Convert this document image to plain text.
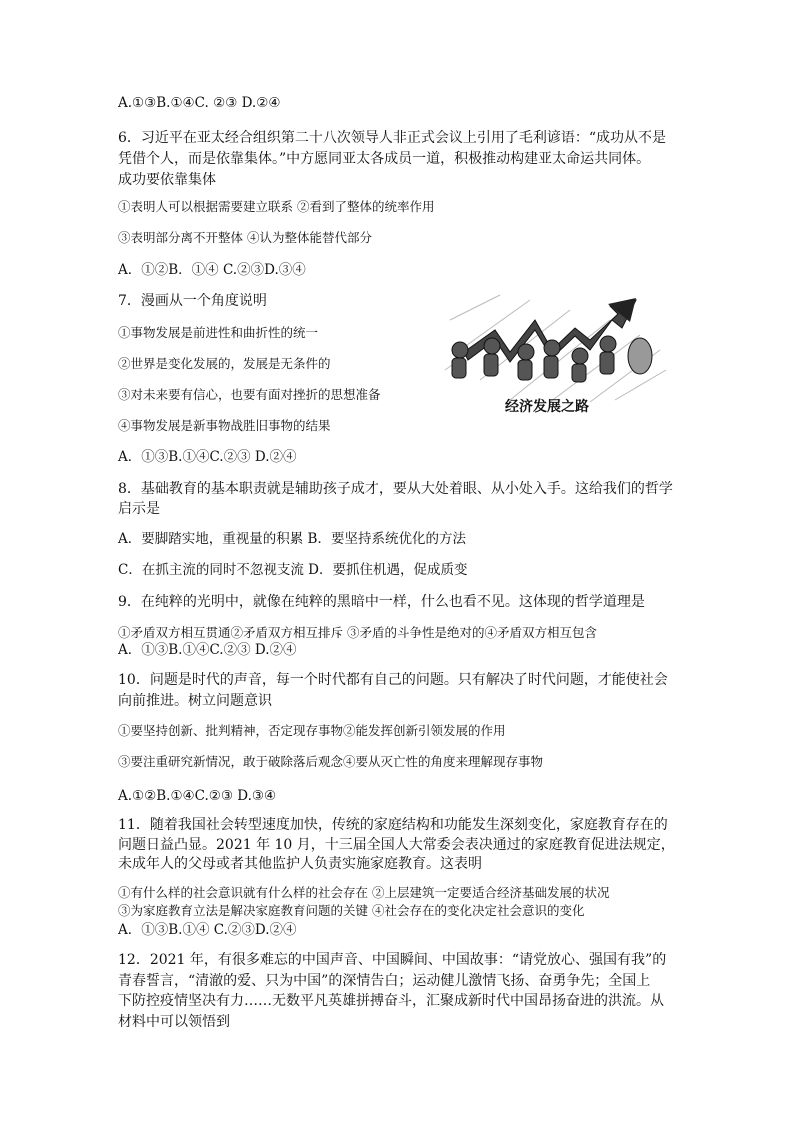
A.①③B.①④C. ②③ D.②④
6．习近平在亚太经合组织第二十八次领导人非正式会议上引用了毛利谚语：“成功从不是
凭借个人，而是依靠集体。”中方愿同亚太各成员一道，积极推动构建亚太命运共同体。
成功要依靠集体
①表明人可以根据需要建立联系 ②看到了整体的统率作用
③表明部分离不开整体 ④认为整体能替代部分
A．①②B．①④ C.②③D.③④
7．漫画从一个角度说明
①事物发展是前进性和曲折性的统一
②世界是变化发展的，发展是无条件的
③对未来要有信心，也要有面对挫折的思想准备
④事物发展是新事物战胜旧事物的结果
A．①③B.①④C.②③ D.②④
经济发展之路
8．基础教育的基本职责就是辅助孩子成才，要从大处着眼、从小处入手。这给我们的哲学
启示是
A．要脚踏实地，重视量的积累 B．要坚持系统优化的方法
C．在抓主流的同时不忽视支流 D．要抓住机遇，促成质变
9．在纯粹的光明中，就像在纯粹的黑暗中一样，什么也看不见。这体现的哲学道理是
①矛盾双方相互贯通②矛盾双方相互排斥 ③矛盾的斗争性是绝对的④矛盾双方相互包含
A．①③B.①④C.②③ D.②④
10．问题是时代的声音，每一个时代都有自己的问题。只有解决了时代问题，才能使社会
向前推进。树立问题意识
①要坚持创新、批判精神，否定现存事物②能发挥创新引领发展的作用
③要注重研究新情况，敢于破除落后观念④要从灭亡性的角度来理解现存事物
A.①②B.①④C.②③ D.③④
11．随着我国社会转型速度加快，传统的家庭结构和功能发生深刻变化，家庭教育存在的
问题日益凸显。2021 年 10 月，十三届全国人大常委会表决通过的家庭教育促进法规定，
未成年人的父母或者其他监护人负责实施家庭教育。这表明
①有什么样的社会意识就有什么样的社会存在 ②上层建筑一定要适合经济基础发展的状况
③为家庭教育立法是解决家庭教育问题的关键 ④社会存在的变化决定社会意识的变化
A．①③B.①④ C.②③D.②④
12．2021 年，有很多难忘的中国声音、中国瞬间、中国故事：“请党放心、强国有我”的
青春誓言，“清澈的爱、只为中国”的深情告白；运动健儿激情飞扬、奋勇争先；全国上
下防控疫情坚决有力……无数平凡英雄拼搏奋斗，汇聚成新时代中国昂扬奋进的洪流。从
材料中可以领悟到
